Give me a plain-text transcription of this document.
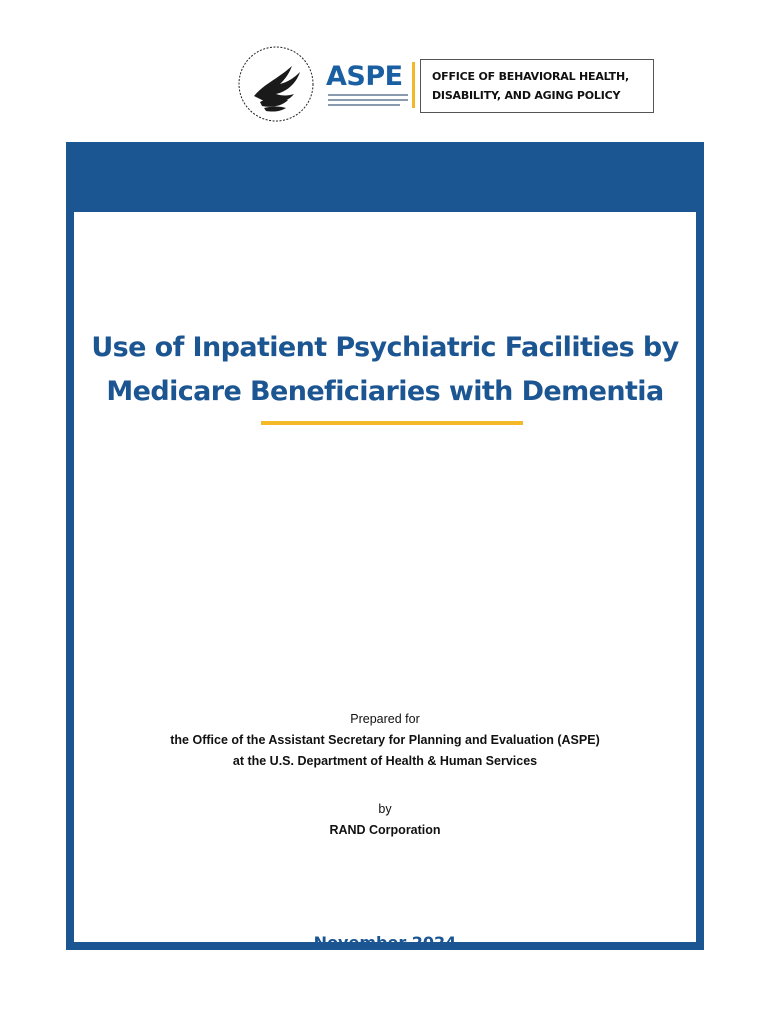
ASPE	OFFICE OF BEHAVIORAL HEALTH,
DISABILITY, AND AGING POLICY
Use of Inpatient Psychiatric Facilities by
Medicare Beneficiaries with Dementia
Prepared for
the Office of the Assistant Secretary for Planning and Evaluation (ASPE)
at the U.S. Department of Health & Human Services
by
RAND Corporation
November 2024
